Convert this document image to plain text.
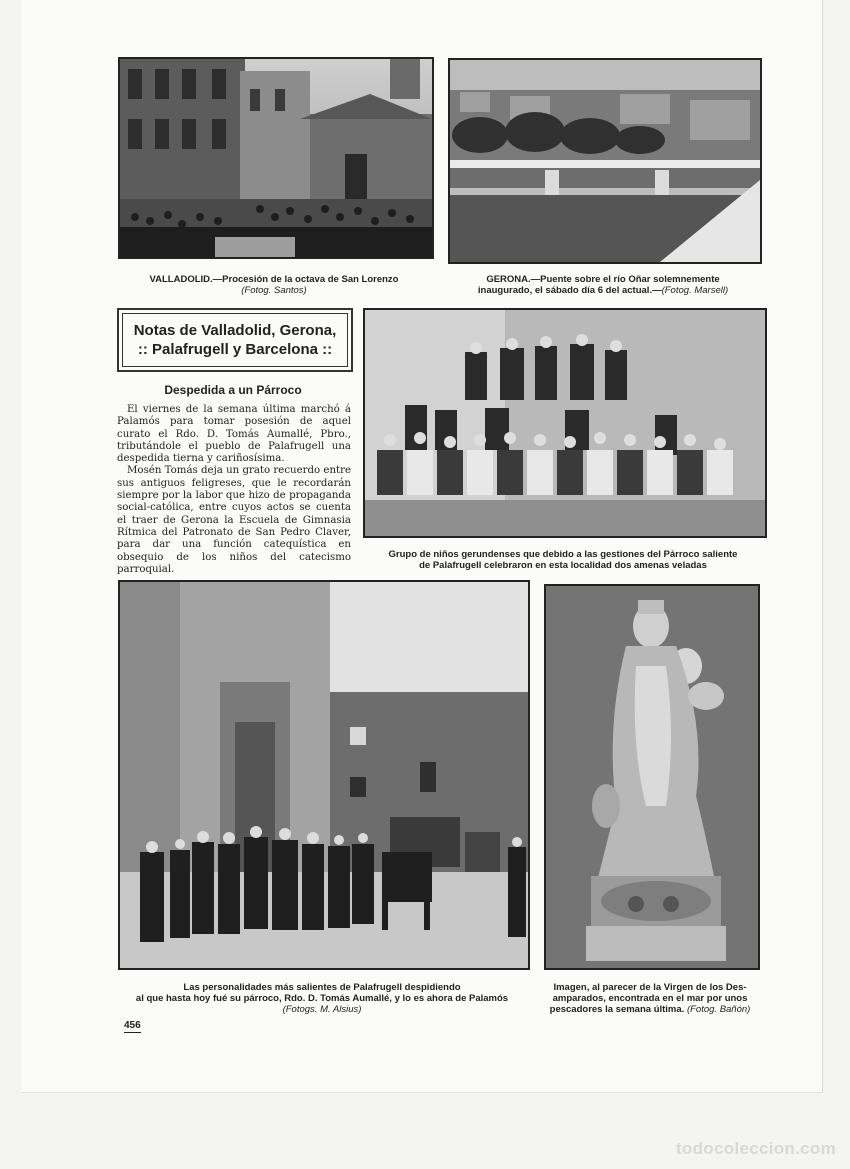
VALLADOLID.—Procesión de la octava de San Lorenzo
(Fotog. Santos)
GERONA.—Puente sobre el río Oñar solemnemente
inaugurado, el sábado día 6 del actual.—(Fotog. Marsell)
Notas de Valladolid, Gerona,
:: Palafrugell y Barcelona ::
Despedida a un Párroco

El viernes de la semana última marchó á Palamós para tomar posesión de aquel curato el Rdo. D. Tomás Aumallé, Pbro., tributándole el pueblo de Palafrugell una despedida tierna y cariñosísima.

Mosén Tomás deja un grato recuerdo entre sus antiguos feligreses, que le recordarán siempre por la labor que hizo de propaganda social-católica, entre cuyos actos se cuenta el traer de Gerona la Escuela de Gimnasia Rítmica del Patronato de San Pedro Claver, para dar una función catequística en obsequio de los niños del catecismo parroquial.

Grupo de niños gerundenses que debido a las gestiones del Párroco saliente
de Palafrugell celebraron en esta localidad dos amenas veladas
Las personalidades más salientes de Palafrugell despidiendo
al que hasta hoy fué su párroco, Rdo. D. Tomás Aumallé, y lo es ahora de Palamós
(Fotogs. M. Alsius)
Imagen, al parecer de la Virgen de los Des-
amparados, encontrada en el mar por unos
pescadores la semana última. (Fotog. Bañón)
456
todocoleccion.com
